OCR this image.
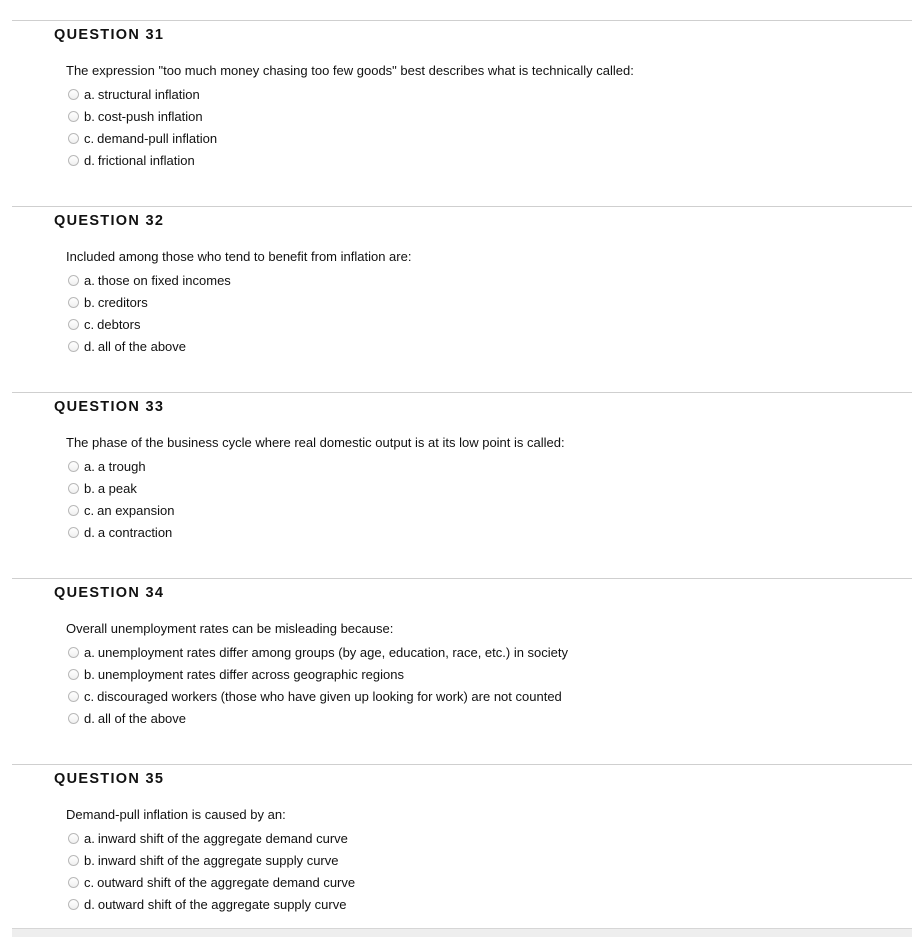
QUESTION 31
The expression "too much money chasing too few goods" best describes what is technically called:
a. structural inflation
b. cost-push inflation
c. demand-pull inflation
d. frictional inflation
QUESTION 32
Included among those who tend to benefit from inflation are:
a. those on fixed incomes
b. creditors
c. debtors
d. all of the above
QUESTION 33
The phase of the business cycle where real domestic output is at its low point is called:
a. a trough
b. a peak
c. an expansion
d. a contraction
QUESTION 34
Overall unemployment rates can be misleading because:
a. unemployment rates differ among groups (by age, education, race, etc.) in society
b. unemployment rates differ across geographic regions
c. discouraged workers (those who have given up looking for work) are not counted
d. all of the above
QUESTION 35
Demand-pull inflation is caused by an:
a. inward shift of the aggregate demand curve
b. inward shift of the aggregate supply curve
c. outward shift of the aggregate demand curve
d. outward shift of the aggregate supply curve
